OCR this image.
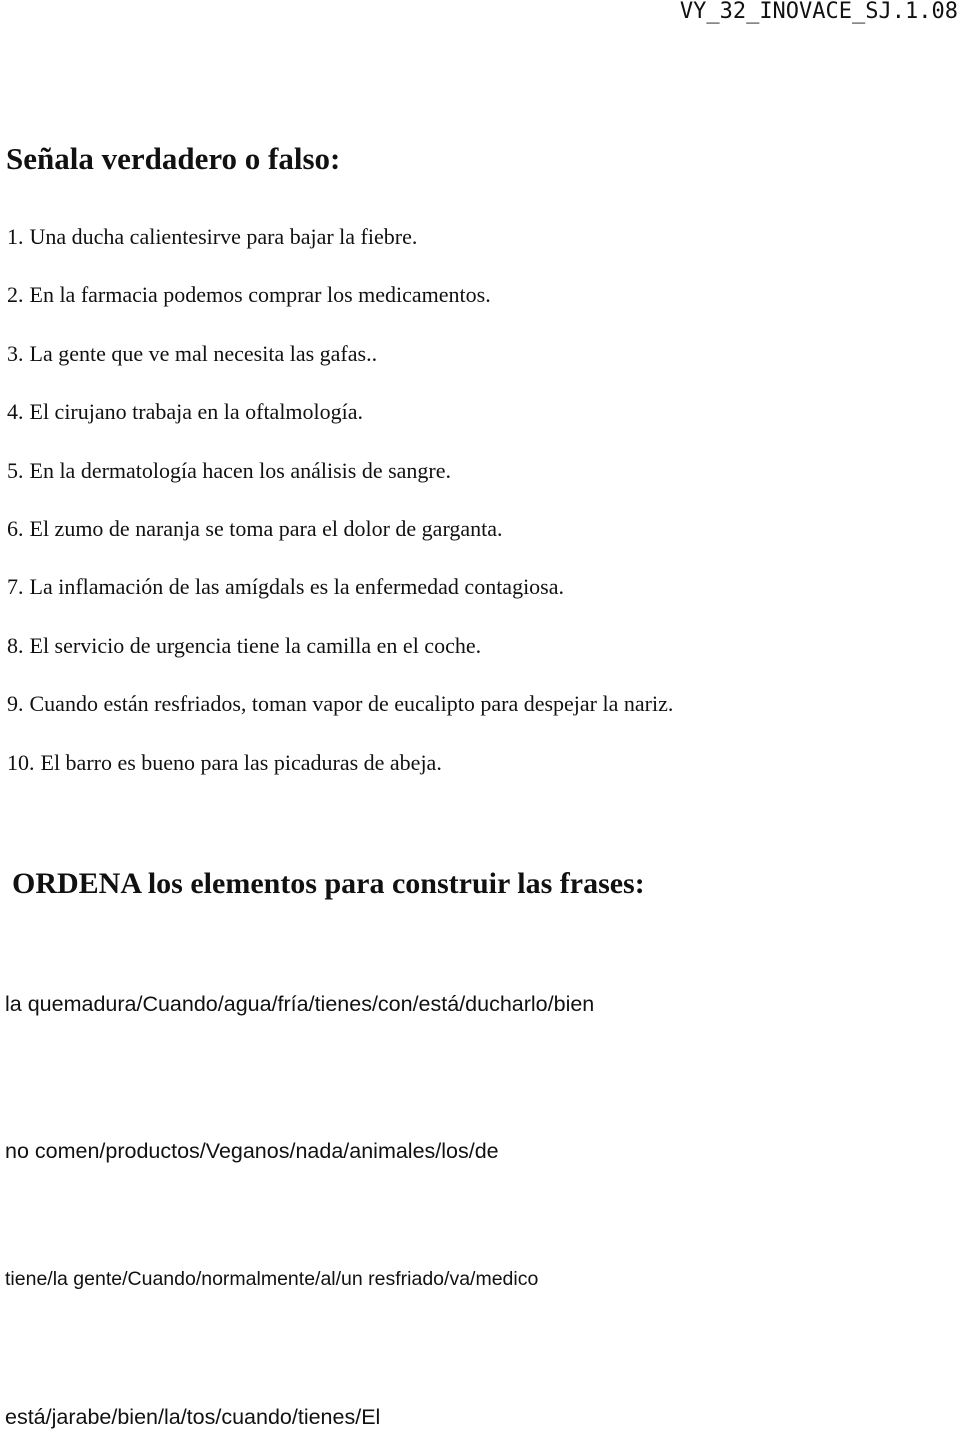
VY_32_INOVACE_SJ.1.08
Señala verdadero o falso:
1. Una ducha calientesirve para bajar la fiebre.
2. En la farmacia podemos comprar los medicamentos.
3. La gente que ve mal necesita las gafas..
4. El cirujano trabaja en la oftalmología.
5. En la dermatología hacen los análisis de sangre.
6. El zumo de naranja se toma para el dolor de garganta.
7. La inflamación de las amígdals es la enfermedad contagiosa.
8. El servicio de urgencia tiene la camilla en el coche.
9. Cuando están resfriados, toman vapor de eucalipto para despejar la nariz.
10. El barro es bueno para las picaduras de abeja.
ORDENA los elementos para construir las frases:
la quemadura/Cuando/agua/fría/tienes/con/está/ducharlo/bien
no comen/productos/Veganos/nada/animales/los/de
tiene/la gente/Cuando/normalmente/al/un resfriado/va/medico
está/jarabe/bien/la/tos/cuando/tienes/El
